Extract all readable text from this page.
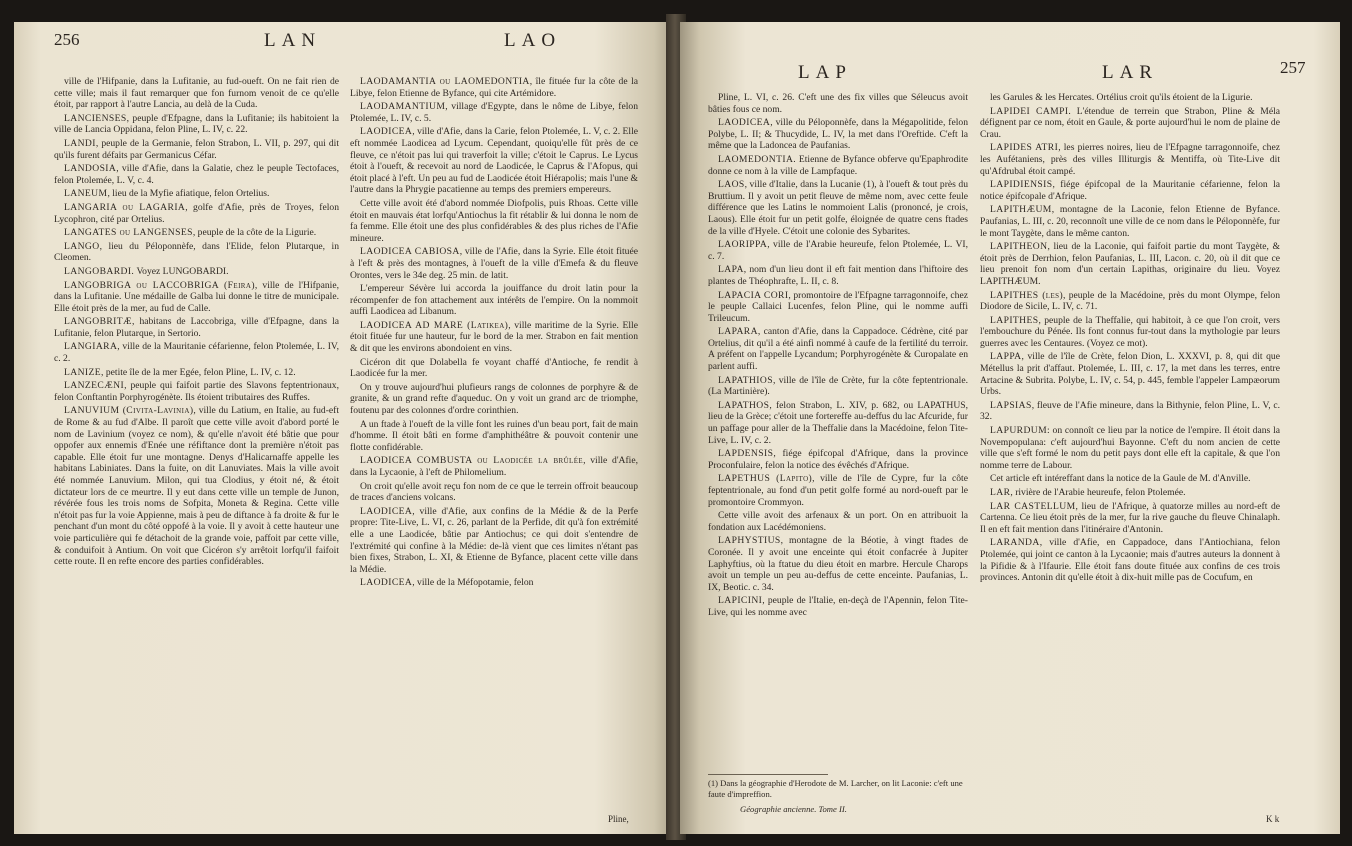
256	LAN	LAO

ville de l'Hifpanie, dans la Lufitanie, au fud-oueft. On ne fait rien de cette ville; mais il faut remarquer que fon furnom venoit de ce qu'elle étoit, par rapport à l'autre Lancia, au delà de la Cuda.

LANCIENSES, peuple d'Efpagne, dans la Lufitanie; ils habitoient la ville de Lancia Oppidana, felon Pline, L. IV, c. 22.

LANDI, peuple de la Germanie, felon Strabon, L. VII, p. 297, qui dit qu'ils furent défaits par Germanicus Céfar.

LANDOSIA, ville d'Afie, dans la Galatie, chez le peuple Tectofaces, felon Ptolemée, L. V, c. 4.

LANEUM, lieu de la Myfie afiatique, felon Ortelius.

LANGARIA ou LAGARIA, golfe d'Afie, près de Troyes, felon Lycophron, cité par Ortelius.

LANGATES ou LANGENSES, peuple de la côte de la Ligurie.

LANGO, lieu du Péloponnèfe, dans l'Elide, felon Plutarque, in Cleomen.

LANGOBARDI. Voyez LUNGOBARDI.

LANGOBRIGA ou LACCOBRIGA (Feira), ville de l'Hifpanie, dans la Lufitanie. Une médaille de Galba lui donne le titre de municipale. Elle étoit près de la mer, au fud de Calle.

LANGOBRITÆ, habitans de Laccobriga, ville d'Efpagne, dans la Lufitanie, felon Plutarque, in Sertorio.

LANGIARA, ville de la Mauritanie céfarienne, felon Ptolemée, L. IV, c. 2.

LANIZE, petite île de la mer Egée, felon Pline, L. IV, c. 12.

LANZECÆNI, peuple qui faifoit partie des Slavons feptentrionaux, felon Conftantin Porphyrogénète. Ils étoient tributaires des Ruffes.

LANUVIUM (Civita-Lavinia), ville du Latium, en Italie, au fud-eft de Rome & au fud d'Albe. Il paroît que cette ville avoit d'abord porté le nom de Lavinium (voyez ce nom), & qu'elle n'avoit été bâtie que pour oppofer aux ennemis d'Enée une réfiftance dont la première n'étoit pas capable. Elle étoit fur une montagne. Denys d'Halicarnaffe appelle les habitans Labiniates. Dans la fuite, on dit Lanuviates. Mais la ville avoit été nommée Lanuvium. Milon, qui tua Clodius, y étoit né, & étoit dictateur lors de ce meurtre. Il y eut dans cette ville un temple de Junon, révérée fous les trois noms de Sofpita, Moneta & Regina. Cette ville n'étoit pas fur la voie Appienne, mais à peu de diftance à fa droite & fur le penchant d'un mont du côté oppofé à la voie. Il y avoit à cette hauteur une voie particulière qui fe détachoit de la grande voie, paffoit par cette ville, & conduifoit à Antium. On voit que Cicéron s'y arrêtoit lorfqu'il faifoit cette route. Il en refte encore des parties confidérables.

LAODAMANTIA ou LAOMEDONTIA, île fituée fur la côte de la Libye, felon Etienne de Byfance, qui cite Artémidore.

LAODAMANTIUM, village d'Egypte, dans le nôme de Libye, felon Ptolemée, L. IV, c. 5.

LAODICEA, ville d'Afie, dans la Carie, felon Ptolemée, L. V, c. 2. Elle eft nommée Laodicea ad Lycum. Cependant, quoiqu'elle fût près de ce fleuve, ce n'étoit pas lui qui traverfoit la ville; c'étoit le Caprus. Le Lycus étoit à l'oueft, & recevoit au nord de Laodicée, le Caprus & l'Afopus, qui étoit placé à l'eft. Un peu au fud de Laodicée étoit Hiérapolis; mais l'une & l'autre dans la Phrygie pacatienne au temps des premiers empereurs.

Cette ville avoit été d'abord nommée Diofpolis, puis Rhoas. Cette ville étoit en mauvais état lorfqu'Antiochus la fit rétablir & lui donna le nom de fa femme. Elle étoit une des plus confidérables & des plus riches de l'Afie mineure.

LAODICEA CABIOSA, ville de l'Afie, dans la Syrie. Elle étoit fituée à l'eft & près des montagnes, à l'oueft de la ville d'Emefa & du fleuve Orontes, vers le 34e deg. 25 min. de latit.

L'empereur Sévère lui accorda la jouiffance du droit latin pour la récompenfer de fon attachement aux intérêts de l'empire. On la nommoit auffi Laodicea ad Libanum.

LAODICEA AD MARE (Latikea), ville maritime de la Syrie. Elle étoit fituée fur une hauteur, fur le bord de la mer. Strabon en fait mention & dit que les environs abondoient en vins.

Cicéron dit que Dolabella fe voyant chaffé d'Antioche, fe rendit à Laodicée fur la mer.

On y trouve aujourd'hui plufieurs rangs de colonnes de porphyre & de granite, & un grand refte d'aqueduc. On y voit un grand arc de triomphe, foutenu par des colonnes d'ordre corinthien.

A un ftade à l'oueft de la ville font les ruines d'un beau port, fait de main d'homme. Il étoit bâti en forme d'amphithéâtre & pouvoit contenir une flotte confidérable.

LAODICEA COMBUSTA ou Laodicée la brûlée, ville d'Afie, dans la Lycaonie, à l'eft de Philomelium.

On croit qu'elle avoit reçu fon nom de ce que le terrein offroit beaucoup de traces d'anciens volcans.

LAODICEA, ville d'Afie, aux confins de la Médie & de la Perfe propre: Tite-Live, L. VI, c. 26, parlant de la Perfide, dit qu'à fon extrémité elle a une Laodicée, bâtie par Antiochus; ce qui doit s'entendre de l'extrémité qui confine à la Médie: de-là vient que ces limites n'étant pas bien fixes, Strabon, L. XI, & Etienne de Byfance, placent cette ville dans la Médie.

LAODICEA, ville de la Méfopotamie, felon

Pline,
LAP	LAR	257

Pline, L. VI, c. 26. C'eft une des fix villes que Séleucus avoit bâties fous ce nom.

LAODICEA, ville du Péloponnèfe, dans la Mégapolitide, felon Polybe, L. II; & Thucydide, L. IV, la met dans l'Oreftide. C'eft la même que la Ladoncea de Paufanias.

LAOMEDONTIA. Etienne de Byfance obferve qu'Epaphrodite donne ce nom à la ville de Lampfaque.

LAOS, ville d'Italie, dans la Lucanie (1), à l'oueft & tout près du Bruttium. Il y avoit un petit fleuve de même nom, avec cette feule différence que les Latins le nommoient Lalis (prononcé, je crois, Laous). Elle étoit fur un petit golfe, éloignée de quatre cens ftades de la ville d'Hyele. C'étoit une colonie des Sybarites.

LAORIPPA, ville de l'Arabie heureufe, felon Ptolemée, L. VI, c. 7.

LAPA, nom d'un lieu dont il eft fait mention dans l'hiftoire des plantes de Théophrafte, L. II, c. 8.

LAPACIA CORI, promontoire de l'Efpagne tarragonnoife, chez le peuple Callaici Lucenfes, felon Pline, qui le nomme auffi Trileucum.

LAPARA, canton d'Afie, dans la Cappadoce. Cédrène, cité par Ortelius, dit qu'il a été ainfi nommé à caufe de la fertilité du terroir. A préfent on l'appelle Lycandum; Porphyrogénète & Curopalate en parlent auffi.

LAPATHIOS, ville de l'île de Crète, fur la côte feptentrionale. (La Martinière).

LAPATHOS, felon Strabon, L. XIV, p. 682, ou LAPATHUS, lieu de la Grèce; c'étoit une fortereffe au-deffus du lac Afcuride, fur un paffage pour aller de la Theffalie dans la Macédoine, felon Tite-Live, L. IV, c. 2.

LAPDENSIS, fiége épifcopal d'Afrique, dans la province Proconfulaire, felon la notice des évêchés d'Afrique.

LAPETHUS (Lapito), ville de l'île de Cypre, fur la côte feptentrionale, au fond d'un petit golfe formé au nord-oueft par le promontoire Crommyon.

Cette ville avoit des arfenaux & un port. On en attribuoit la fondation aux Lacédémoniens.

LAPHYSTIUS, montagne de la Béotie, à vingt ftades de Coronée. Il y avoit une enceinte qui étoit confacrée à Jupiter Laphyftius, où la ftatue du dieu étoit en marbre. Hercule Charops avoit un temple un peu au-deffus de cette enceinte. Paufanias, L. IX, Beotic. c. 34.

LAPICINI, peuple de l'Italie, en-deçà de l'Apennin, felon Tite-Live, qui les nomme avec

les Garules & les Hercates. Ortélius croit qu'ils étoient de la Ligurie.

LAPIDEI CAMPI. L'étendue de terrein que Strabon, Pline & Méla défignent par ce nom, étoit en Gaule, & porte aujourd'hui le nom de plaine de Crau.

LAPIDES ATRI, les pierres noires, lieu de l'Efpagne tarragonnoife, chez les Aufétaniens, près des villes Illiturgis & Mentiffa, où Tite-Live dit qu'Afdrubal étoit campé.

LAPIDIENSIS, fiége épifcopal de la Mauritanie céfarienne, felon la notice épifcopale d'Afrique.

LAPITHÆUM, montagne de la Laconie, felon Etienne de Byfance. Paufanias, L. III, c. 20, reconnoît une ville de ce nom dans le Péloponnèfe, fur le mont Taygète, dans le même canton.

LAPITHEON, lieu de la Laconie, qui faifoit partie du mont Taygète, & étoit près de Derrhion, felon Paufanias, L. III, Lacon. c. 20, où il dit que ce lieu prenoit fon nom d'un certain Lapithas, originaire du lieu. Voyez LAPITHÆUM.

LAPITHES (les), peuple de la Macédoine, près du mont Olympe, felon Diodore de Sicile, L. IV, c. 71.

LAPITHES, peuple de la Theffalie, qui habitoit, à ce que l'on croit, vers l'embouchure du Pénée. Ils font connus fur-tout dans la mythologie par leurs guerres avec les Centaures. (Voyez ce mot).

LAPPA, ville de l'île de Crète, felon Dion, L. XXXVI, p. 8, qui dit que Métellus la prit d'affaut. Ptolemée, L. III, c. 17, la met dans les terres, entre Artacine & Subrita. Polybe, L. IV, c. 54, p. 445, femble l'appeler Lampæorum Urbs.

LAPSIAS, fleuve de l'Afie mineure, dans la Bithynie, felon Pline, L. V, c. 32.

LAPURDUM: on connoît ce lieu par la notice de l'empire. Il étoit dans la Novempopulana: c'eft aujourd'hui Bayonne. C'eft du nom ancien de cette ville que s'eft formé le nom du petit pays dont elle eft la capitale, & que l'on nomme terre de Labour.

Cet article eft intéreffant dans la notice de la Gaule de M. d'Anville.

LAR, rivière de l'Arabie heureufe, felon Ptolemée.

LAR CASTELLUM, lieu de l'Afrique, à quatorze milles au nord-eft de Cartenna. Ce lieu étoit près de la mer, fur la rive gauche du fleuve Chinalaph. Il en eft fait mention dans l'itinéraire d'Antonin.

LARANDA, ville d'Afie, en Cappadoce, dans l'Antiochiana, felon Ptolemée, qui joint ce canton à la Lycaonie; mais d'autres auteurs la donnent à la Pifidie & à l'Ifaurie. Elle étoit fans doute fituée aux confins de ces trois provinces. Antonin dit qu'elle étoit à dix-huit mille pas de Cocufum, en

(1) Dans la géographie d'Herodote de M. Larcher, on lit Laconie: c'eft une faute d'impreffion.
Géographie ancienne. Tome II.
K k
